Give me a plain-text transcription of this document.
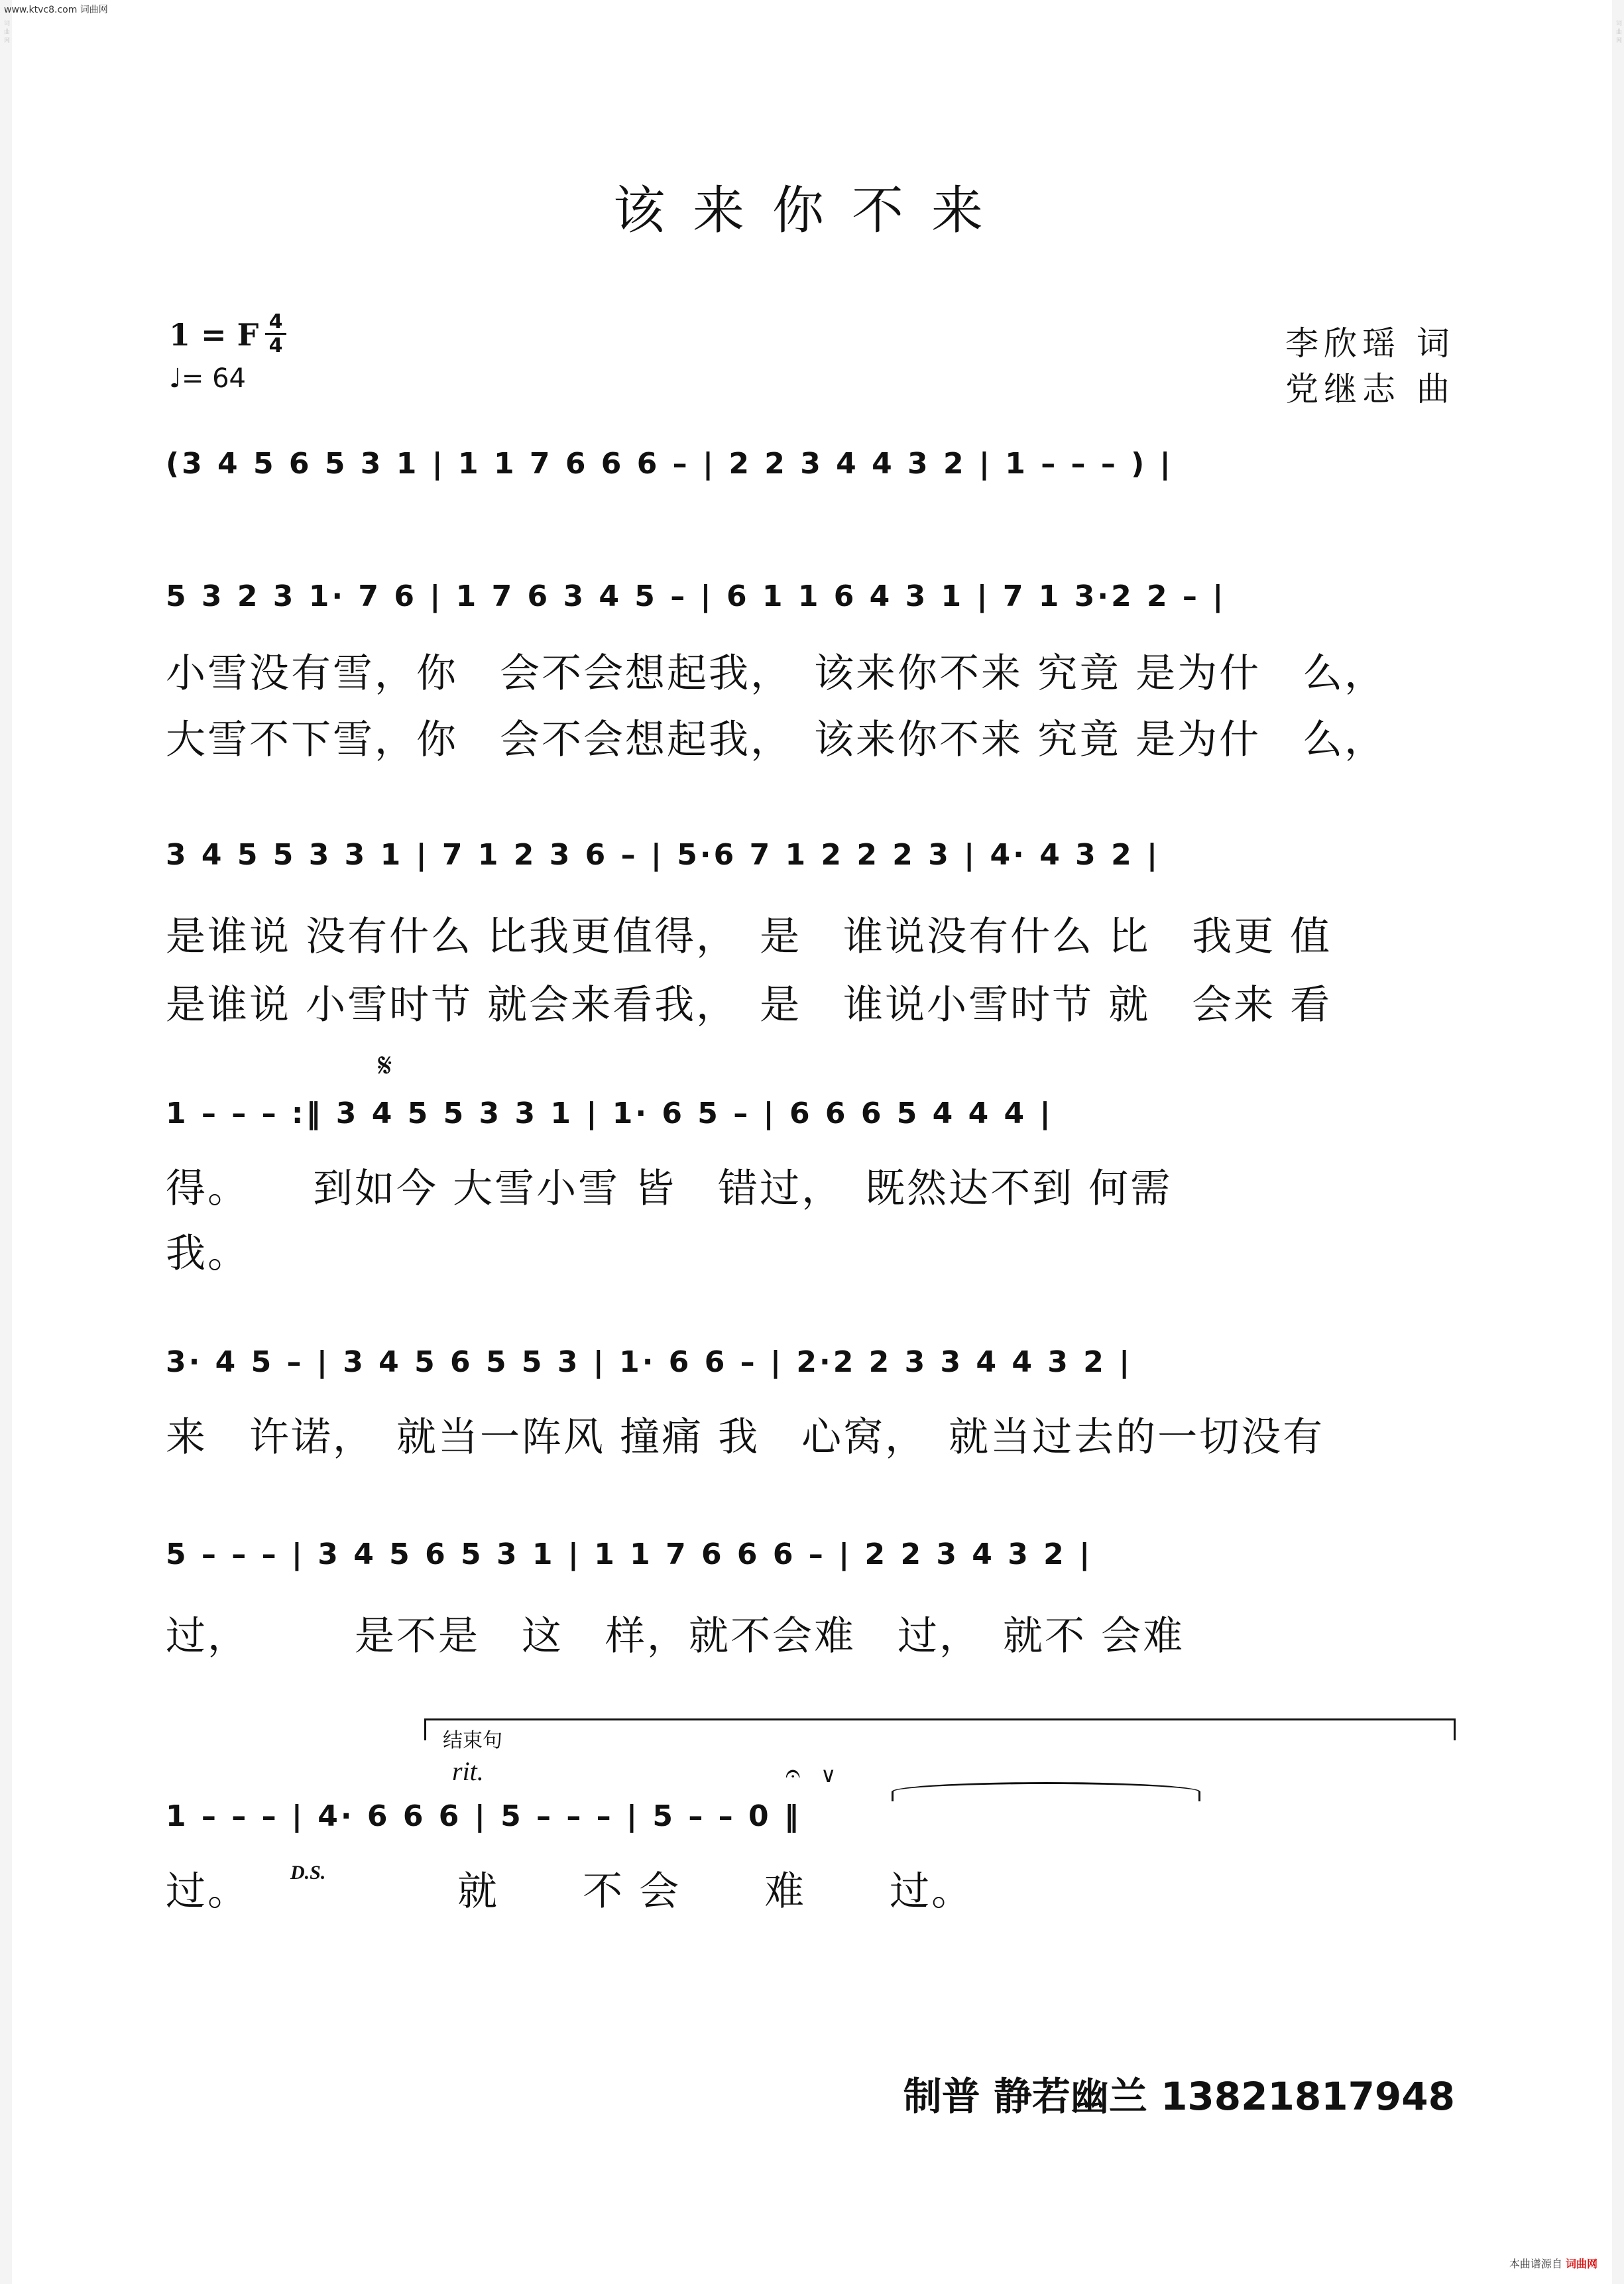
词曲网	词曲网
www.ktvc8.com 词曲网
该来你不来
1 = F 4
4
♩= 64
李欣瑶 词
党继志 曲
(3 4 5 6 5 3 1 | 1 1 7 6 6 6 – | 2 2 3 4 4 3 2 | 1 – – – ) |
5 3 2 3 1· 7 6 | 1 7 6 3 4 5 – | 6 1 1 6 4 3 1 | 7 1 3·2 2 – |
小雪没有雪，你　会不会想起我，　该来你不来 究竟 是为什　么，
大雪不下雪，你　会不会想起我，　该来你不来 究竟 是为什　么，
3 4 5 5 3 3 1 | 7 1 2 3 6 – | 5·6 7 1 2 2 2 3 | 4· 4 3 2 |
是谁说 没有什么 比我更值得，　是　谁说没有什么 比　我更 值
是谁说 小雪时节 就会来看我，　是　谁说小雪时节 就　会来 看
𝄋
1 – – – :‖ 3 4 5 5 3 3 1 | 1· 6 5 – | 6 6 6 5 4 4 4 |
得。　　到如今 大雪小雪 皆　错过，　既然达不到 何需
我。
3· 4 5 – | 3 4 5 6 5 5 3 | 1· 6 6 – | 2·2 2 3 3 4 4 3 2 |
来　许诺，　就当一阵风 撞痛 我　心窝，　就当过去的一切没有
5 – – – | 3 4 5 6 5 3 1 | 1 1 7 6 6 6 – | 2 2 3 4 3 2 |
过，　　　是不是　这　样，就不会难　过，　就不 会难
结束句
rit.	𝄐 ∨
1 – – – | 4· 6 6 6 | 5 – – – | 5 – – 0 ‖
过。 D.S.	就　　不 会　　难　　过。
制普 静若幽兰 13821817948
本曲谱源自 词曲网
